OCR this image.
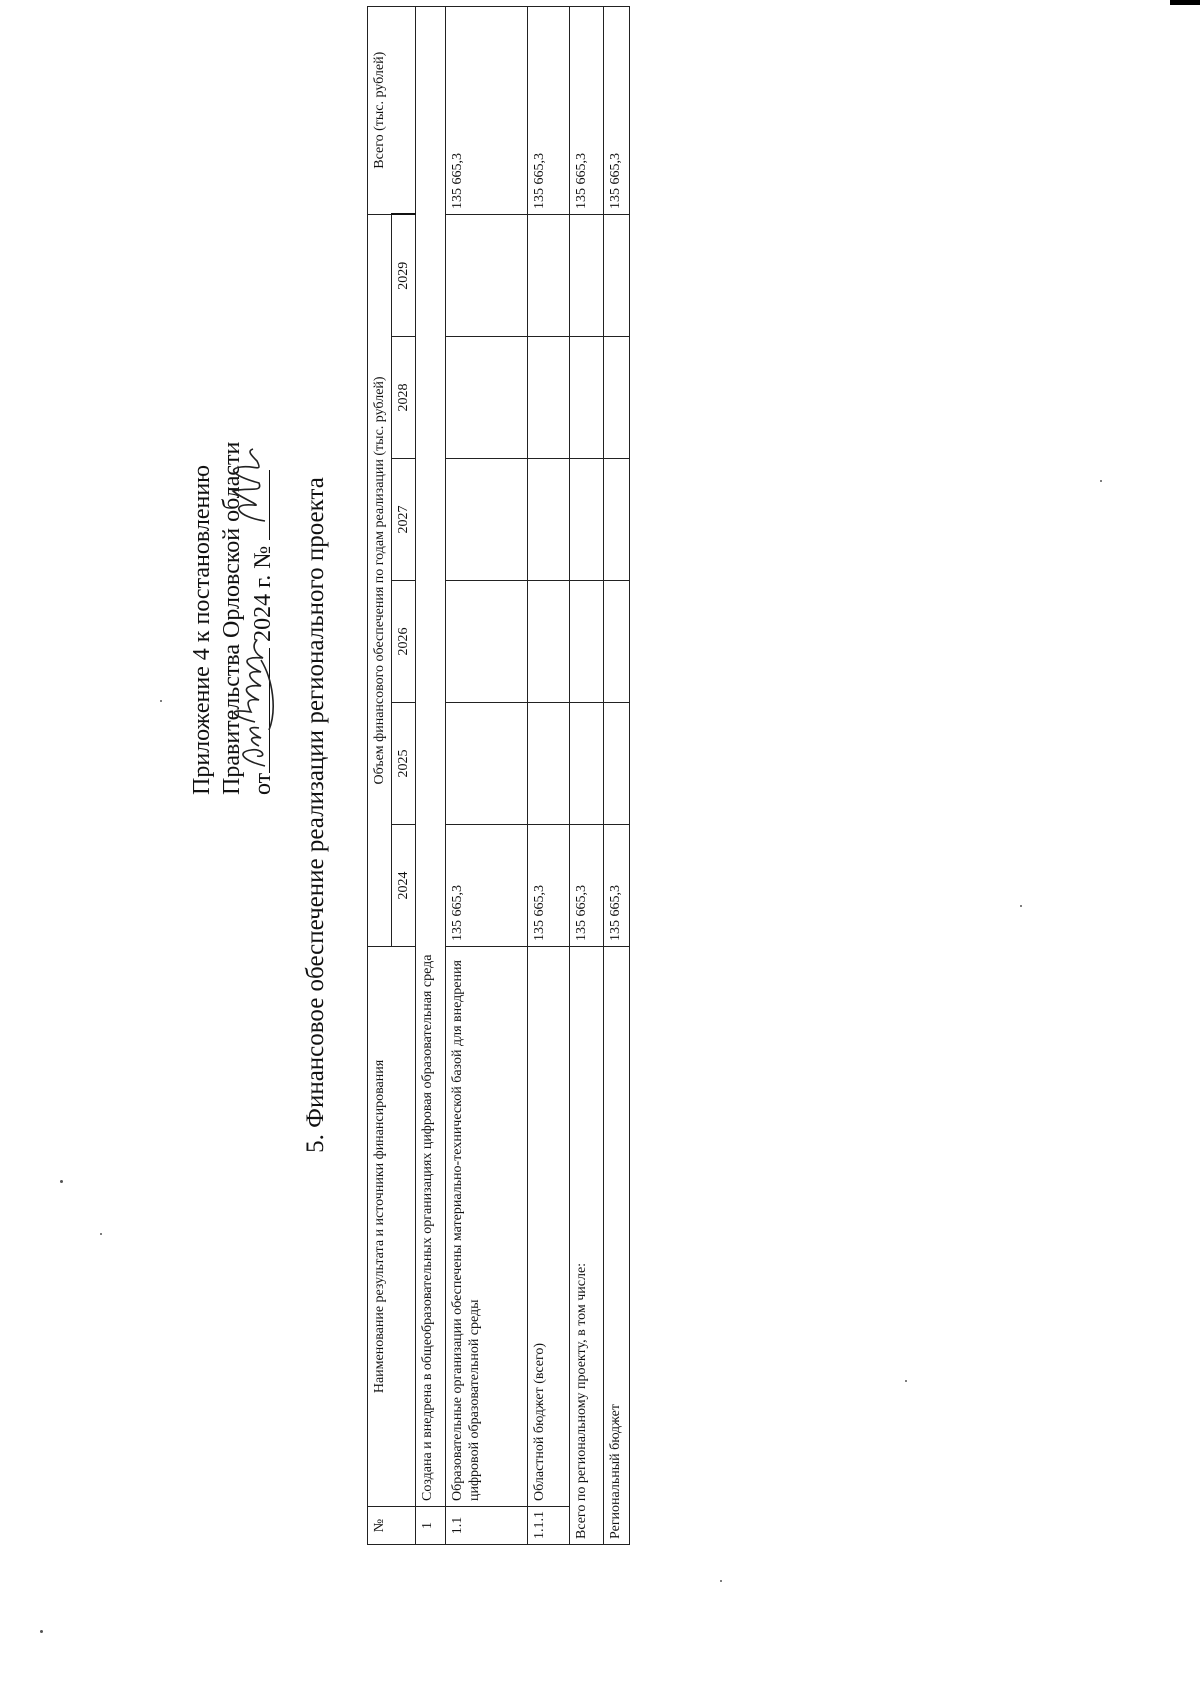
Приложение 4 к постановлению Правительства Орловской области от 2024 г. № 5. Финансовое обеспечение реализации регионального проекта
№	Наименование результата и источники финансирования	Объем финансового обеспечения по годам реализации (тыс. рублей)						Всего (тыс. рублей)
		2024	2025	2026	2027	2028	2029	
1	Создана и внедрена в общеобразовательных организациях цифровая образовательная среда							
1.1	Образовательные организации обеспечены материально-технической базой для внедрения цифровой образовательной среды	135 665,3						135 665,3
1.1.1	Областной бюджет (всего)	135 665,3						135 665,3
Всего по региональному проекту, в том числе:		135 665,3						135 665,3
Региональный бюджет		135 665,3						135 665,3
